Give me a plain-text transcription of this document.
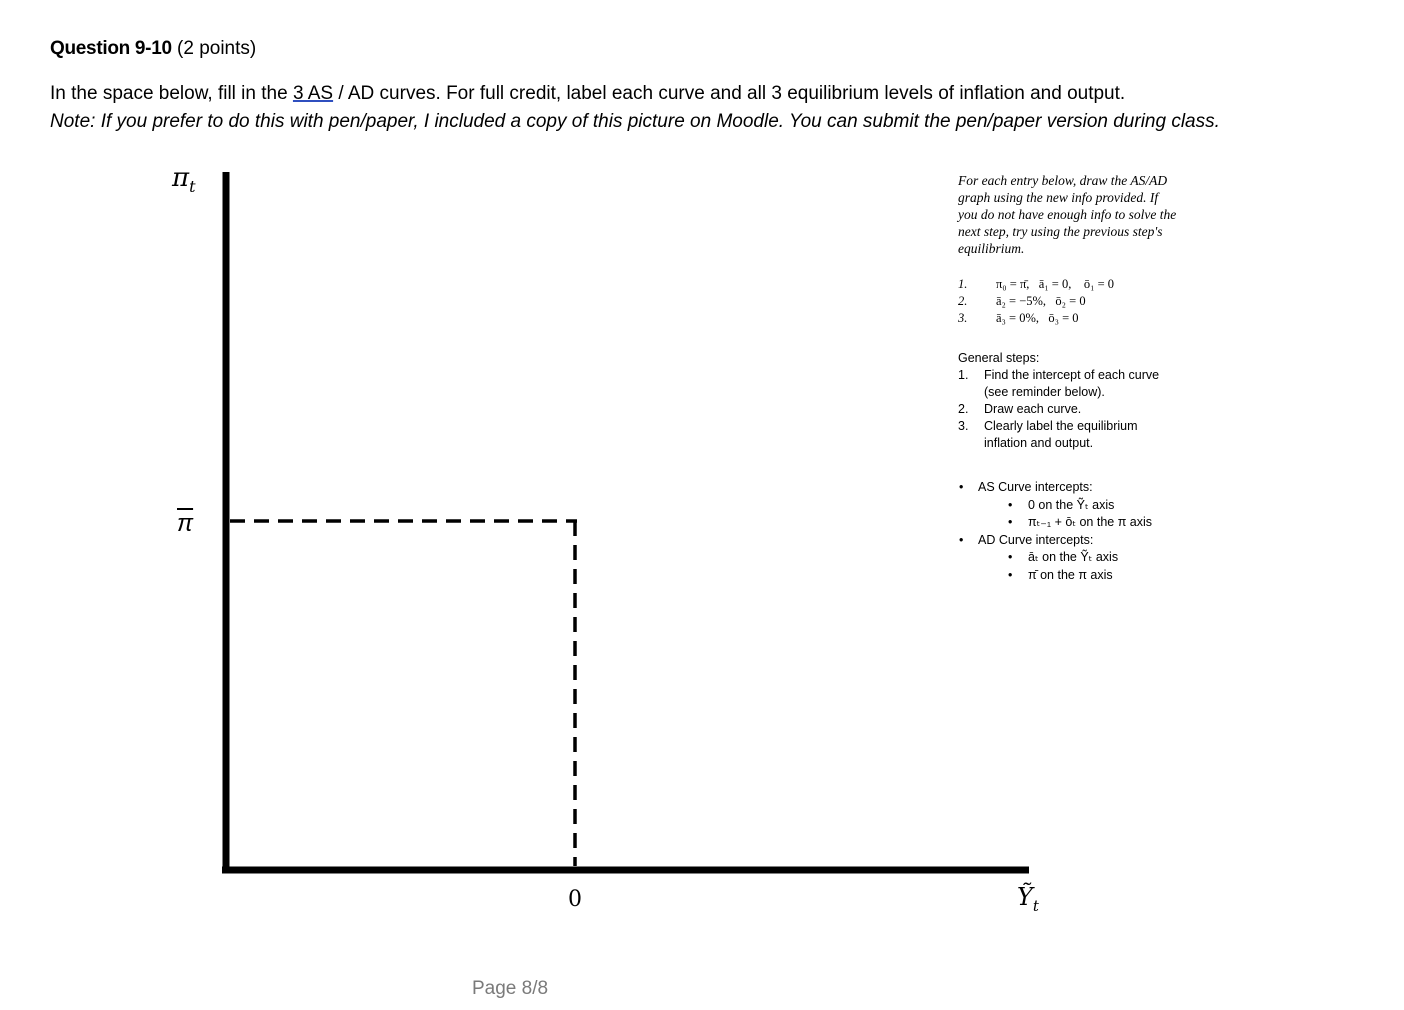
Question 9-10 (2 points)
In the space below, fill in the 3 AS / AD curves. For full credit, label each curve and all 3 equilibrium levels of inflation and output.
Note: If you prefer to do this with pen/paper, I included a copy of this picture on Moodle. You can submit the pen/paper version during class.
$\pi_t$
$\overline{\pi}$
0	Ỹ$_t$
For each entry below, draw the AS/AD graph using the new info provided. If you do not have enough info to solve the next step, try using the previous step's equilibrium.
1.	π₀ = π̄,   ā₁ = 0,    ō₁ = 0
2.	ā₂ = −5%,   ō₂ = 0
3.	ā₃ = 0%,   ō₃ = 0
General steps:
1.	Find the intercept of each curve (see reminder below).
2.	Draw each curve.
3.	Clearly label the equilibrium inflation and output.
•	AS Curve intercepts:
•	0 on the Ỹₜ axis
•	πₜ₋₁ + ōₜ on the π axis
•	AD Curve intercepts:
•	āₜ on the Ỹₜ axis
•	π̄ on the π axis
Page 8/8
